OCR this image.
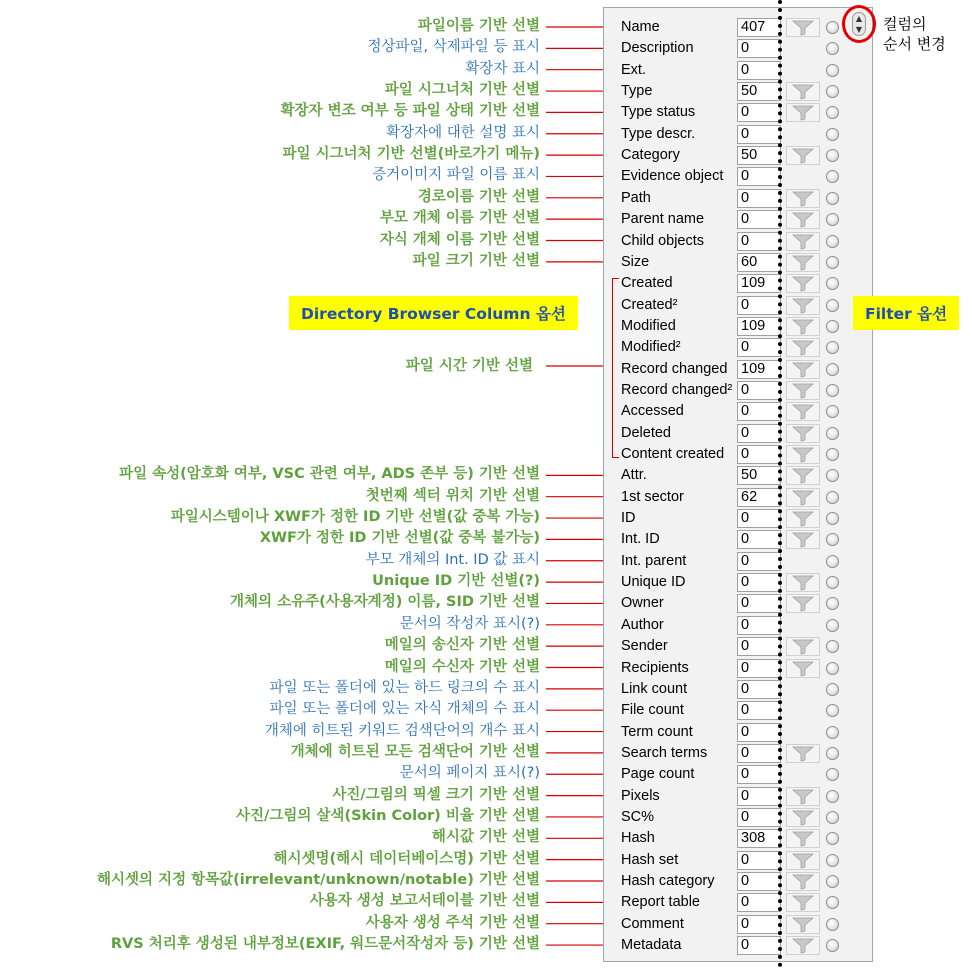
파일이름 기반 선별
정상파일, 삭제파일 등 표시
확장자 표시
파일 시그너처 기반 선별
확장자 변조 여부 등 파일 상태 기반 선별
확장자에 대한 설명 표시
파일 시그너처 기반 선별(바로가기 메뉴)
증거이미지 파일 이름 표시
경로이름 기반 선별
부모 개체 이름 기반 선별
자식 개체 이름 기반 선별
파일 크기 기반 선별
파일 속성(암호화 여부, VSC 관련 여부, ADS 존부 등) 기반 선별
첫번째 섹터 위치 기반 선별
파일시스템이나 XWF가 정한 ID 기반 선별(값 중복 가능)
XWF가 정한 ID 기반 선별(값 중복 불가능)
부모 개체의 Int. ID 값 표시
Unique ID 기반 선별(?)
개체의 소유주(사용자계정) 이름, SID 기반 선별
문서의 작성자 표시(?)
메일의 송신자 기반 선별
메일의 수신자 기반 선별
파일 또는 폴더에 있는 하드 링크의 수 표시
파일 또는 폴더에 있는 자식 개체의 수 표시
개체에 히트된 키워드 검색단어의 개수 표시
개체에 히트된 모든 검색단어 기반 선별
문서의 페이지 표시(?)
사진/그림의 픽셀 크기 기반 선별
사진/그림의 살색(Skin Color) 비율 기반 선별
해시값 기반 선별
해시셋명(해시 데이터베이스명) 기반 선별
해시셋의 지정 항목값(irrelevant/unknown/notable) 기반 선별
사용자 생성 보고서테이블 기반 선별
사용자 생성 주석 기반 선별
RVS 처리후 생성된 내부정보(EXIF, 워드문서작성자 등) 기반 선별
Name	407
Description	0
Ext.	0
Type	50
Type status	0
Type descr.	0
Category	50
Evidence object 0
Path	0
Parent name	0
Child objects	0
Size	60
Created	109
Created²	0
Modified	109
Modified²	0
Record changed 109
Record changed² 0
Accessed	0
Deleted	0
Content created 0
Attr.	50
1st sector	62
ID	0
Int. ID	0
Int. parent	0
Unique ID	0
Owner	0
Author	0
Sender	0
Recipients	0
Link count	0
File count	0
Term count	0
Search terms 0
Page count	0
Pixels	0
SC%	0
Hash	308
Hash set	0
Hash category 0
Report table	0
Comment	0
Metadata	0
▲
▼ 컬럼의
순서 변경
Directory Browser Column 옵션	Filter 옵션
파일 시간 기반 선별
